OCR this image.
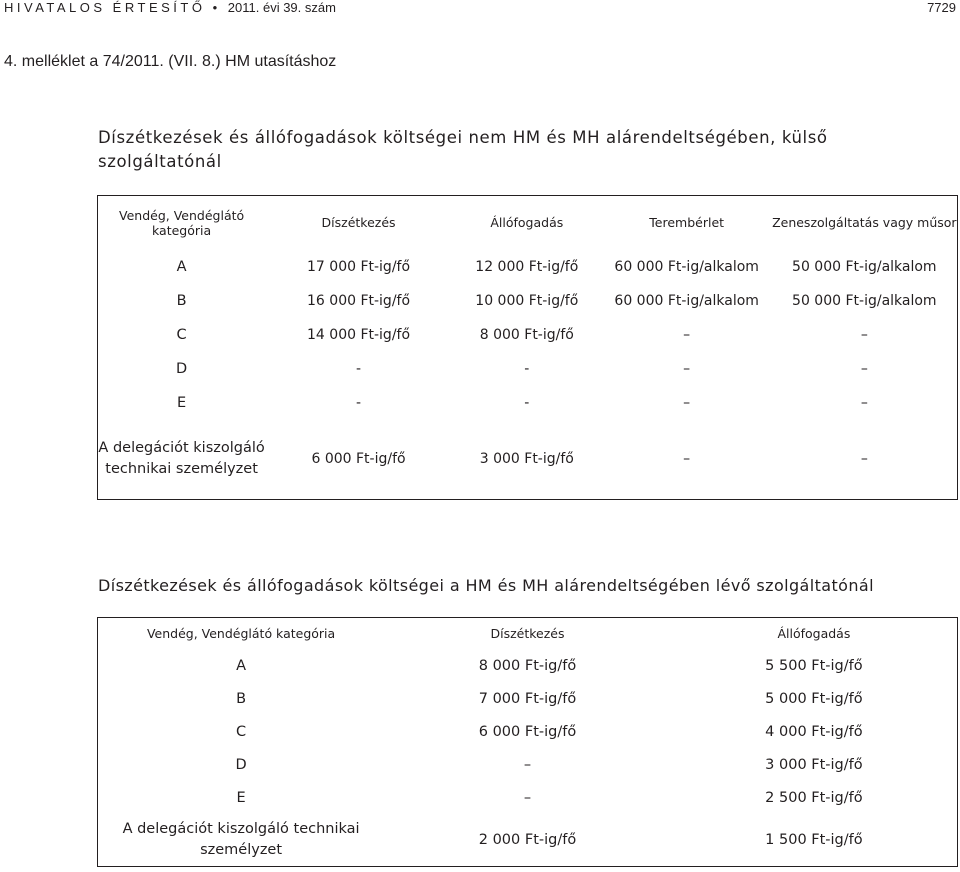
HIVATALOS ÉRTESÍTŐ • 2011. évi 39. szám	7729
4. melléklet a 74/2011. (VII. 8.) HM utasításhoz
Díszétkezések és állófogadások költségei nem HM és MH alárendeltségében, külső szolgáltatónál
Vendég, Vendéglátó kategória	Díszétkezés	Állófogadás	Terembérlet	Zeneszolgáltatás vagy műsor
A	17 000 Ft-ig/fő	12 000 Ft-ig/fő	60 000 Ft-ig/alkalom	50 000 Ft-ig/alkalom
B	16 000 Ft-ig/fő	10 000 Ft-ig/fő	60 000 Ft-ig/alkalom	50 000 Ft-ig/alkalom
C	14 000 Ft-ig/fő	8 000 Ft-ig/fő	–	–
D	-	-	–	–
E	-	-	–	–
A delegációt kiszolgáló technikai személyzet	6 000 Ft-ig/fő	3 000 Ft-ig/fő	–	–
Díszétkezések és állófogadások költségei a HM és MH alárendeltségében lévő szolgáltatónál
Vendég, Vendéglátó kategória	Díszétkezés	Állófogadás
A	8 000 Ft-ig/fő	5 500 Ft-ig/fő
B	7 000 Ft-ig/fő	5 000 Ft-ig/fő
C	6 000 Ft-ig/fő	4 000 Ft-ig/fő
D	–	3 000 Ft-ig/fő
E	–	2 500 Ft-ig/fő
A delegációt kiszolgáló technikai személyzet	2 000 Ft-ig/fő	1 500 Ft-ig/fő
